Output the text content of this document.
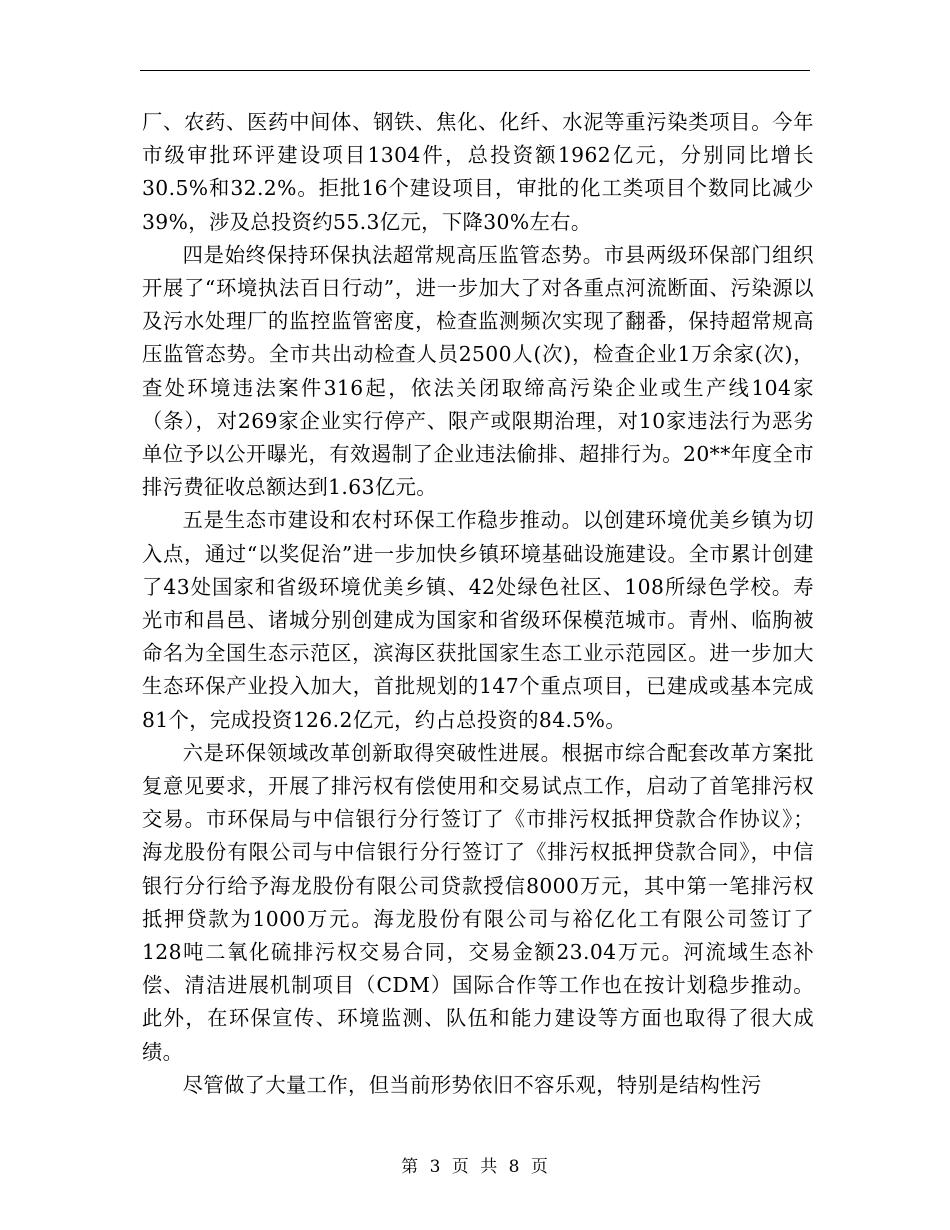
厂、农药、医药中间体、钢铁、焦化、化纤、水泥等重污染类项目。今年市级审批环评建设项目1304件，总投资额1962亿元，分别同比增长30.5%和32.2%。拒批16个建设项目，审批的化工类项目个数同比减少39%，涉及总投资约55.3亿元，下降30%左右。

四是始终保持环保执法超常规高压监管态势。市县两级环保部门组织开展了“环境执法百日行动”，进一步加大了对各重点河流断面、污染源以及污水处理厂的监控监管密度，检查监测频次实现了翻番，保持超常规高压监管态势。全市共出动检查人员2500人(次)，检查企业1万余家(次)，查处环境违法案件316起，依法关闭取缔高污染企业或生产线104家（条），对269家企业实行停产、限产或限期治理，对10家违法行为恶劣单位予以公开曝光，有效遏制了企业违法偷排、超排行为。20**年度全市排污费征收总额达到1.63亿元。

五是生态市建设和农村环保工作稳步推动。以创建环境优美乡镇为切入点，通过“以奖促治”进一步加快乡镇环境基础设施建设。全市累计创建了43处国家和省级环境优美乡镇、42处绿色社区、108所绿色学校。寿光市和昌邑、诸城分别创建成为国家和省级环保模范城市。青州、临朐被命名为全国生态示范区，滨海区获批国家生态工业示范园区。进一步加大生态环保产业投入加大，首批规划的147个重点项目，已建成或基本完成81个，完成投资126.2亿元，约占总投资的84.5%。

六是环保领域改革创新取得突破性进展。根据市综合配套改革方案批复意见要求，开展了排污权有偿使用和交易试点工作，启动了首笔排污权交易。市环保局与中信银行分行签订了《市排污权抵押贷款合作协议》；海龙股份有限公司与中信银行分行签订了《排污权抵押贷款合同》，中信银行分行给予海龙股份有限公司贷款授信8000万元，其中第一笔排污权抵押贷款为1000万元。海龙股份有限公司与裕亿化工有限公司签订了128吨二氧化硫排污权交易合同，交易金额23.04万元。河流域生态补偿、清洁进展机制项目（CDM）国际合作等工作也在按计划稳步推动。此外，在环保宣传、环境监测、队伍和能力建设等方面也取得了很大成绩。

尽管做了大量工作，但当前形势依旧不容乐观，特别是结构性污

第 3 页 共 8 页
